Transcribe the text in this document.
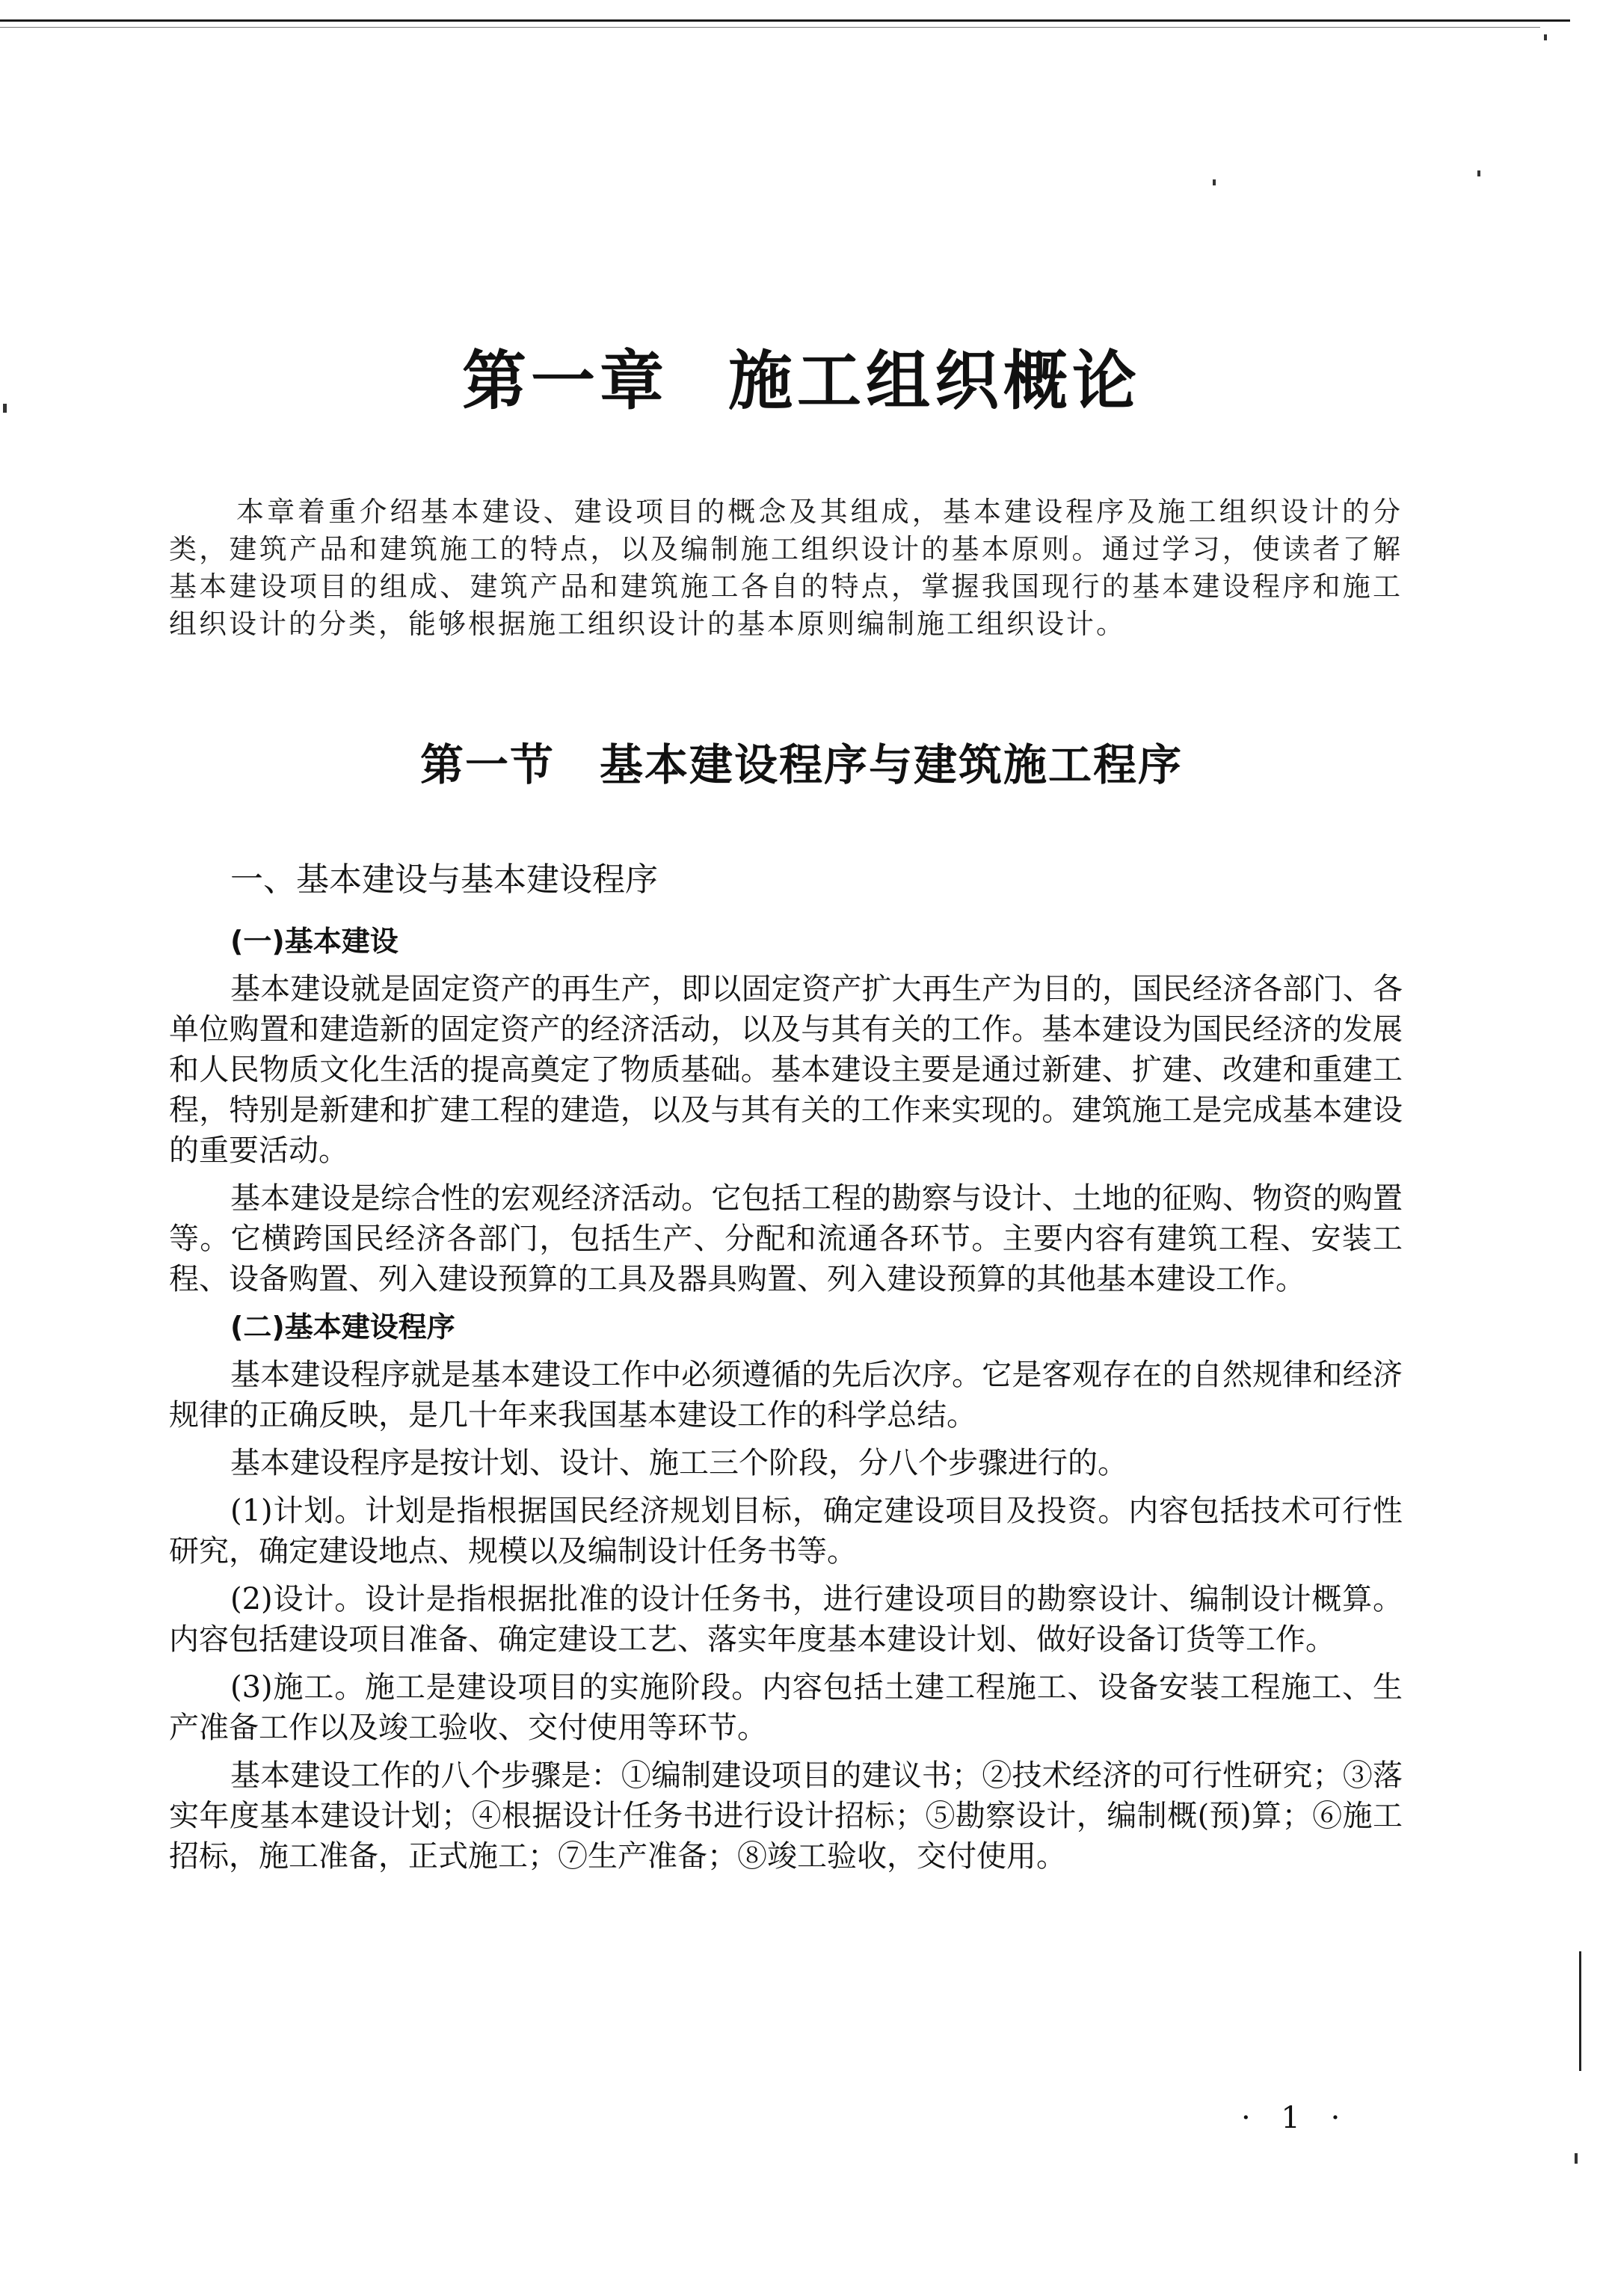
第一章 施工组织概论

本章着重介绍基本建设、建设项目的概念及其组成，基本建设程序及施工组织设计的分类，建筑产品和建筑施工的特点，以及编制施工组织设计的基本原则。通过学习，使读者了解基本建设项目的组成、建筑产品和建筑施工各自的特点，掌握我国现行的基本建设程序和施工组织设计的分类，能够根据施工组织设计的基本原则编制施工组织设计。

第一节 基本建设程序与建筑施工程序
一、基本建设与基本建设程序
(一)基本建设

基本建设就是固定资产的再生产，即以固定资产扩大再生产为目的，国民经济各部门、各单位购置和建造新的固定资产的经济活动，以及与其有关的工作。基本建设为国民经济的发展和人民物质文化生活的提高奠定了物质基础。基本建设主要是通过新建、扩建、改建和重建工程，特别是新建和扩建工程的建造，以及与其有关的工作来实现的。建筑施工是完成基本建设的重要活动。

基本建设是综合性的宏观经济活动。它包括工程的勘察与设计、土地的征购、物资的购置等。它横跨国民经济各部门，包括生产、分配和流通各环节。主要内容有建筑工程、安装工程、设备购置、列入建设预算的工具及器具购置、列入建设预算的其他基本建设工作。

(二)基本建设程序

基本建设程序就是基本建设工作中必须遵循的先后次序。它是客观存在的自然规律和经济规律的正确反映，是几十年来我国基本建设工作的科学总结。

基本建设程序是按计划、设计、施工三个阶段，分八个步骤进行的。

(1)计划。计划是指根据国民经济规划目标，确定建设项目及投资。内容包括技术可行性研究，确定建设地点、规模以及编制设计任务书等。

(2)设计。设计是指根据批准的设计任务书，进行建设项目的勘察设计、编制设计概算。内容包括建设项目准备、确定建设工艺、落实年度基本建设计划、做好设备订货等工作。

(3)施工。施工是建设项目的实施阶段。内容包括土建工程施工、设备安装工程施工、生产准备工作以及竣工验收、交付使用等环节。

基本建设工作的八个步骤是：①编制建设项目的建议书；②技术经济的可行性研究；③落实年度基本建设计划；④根据设计任务书进行设计招标；⑤勘察设计，编制概(预)算；⑥施工招标，施工准备，正式施工；⑦生产准备；⑧竣工验收，交付使用。

· 1 ·
